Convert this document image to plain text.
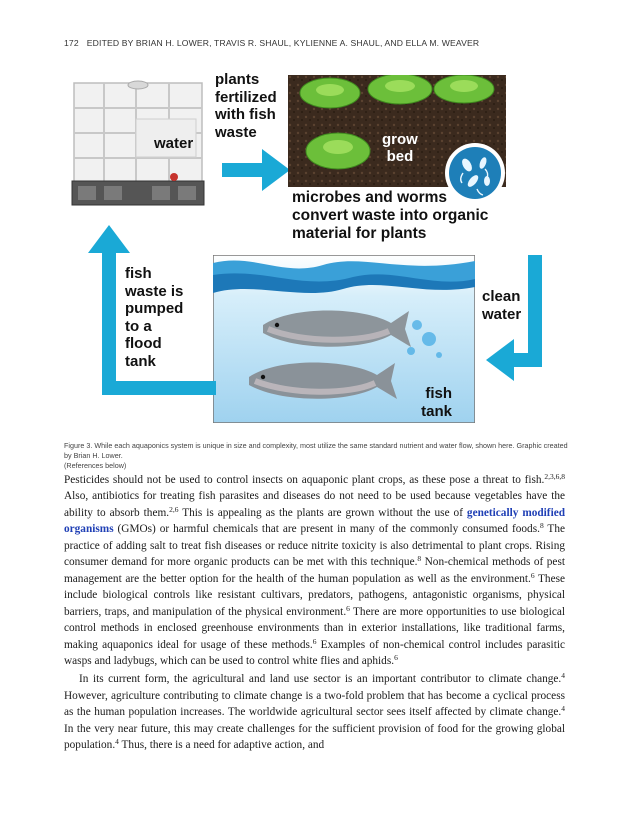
172 EDITED BY BRIAN H. LOWER, TRAVIS R. SHAUL, KYLIENNE A. SHAUL, AND ELLA M. WEAVER
water
plants
fertilized
with fish
waste	grow
bed
microbes and worms
convert waste into organic
material for plants
clean
water
fish
tank
fish
waste is
pumped
to a
flood
tank
Figure 3. While each aquaponics system is unique in size and complexity, most utilize the same standard nutrient and water flow, shown here. Graphic created by Brian H. Lower.
(References below)

Pesticides should not be used to control insects on aquaponic plant crops, as these pose a threat to fish.$^{2,3,6,8}$ Also, antibiotics for treating fish parasites and diseases do not need to be used because vegetables have the ability to absorb them.$^{2,6}$ This is appealing as the plants are grown without the use of genetically modified organisms (GMOs) or harmful chemicals that are present in many of the commonly consumed foods.$^8$ The practice of adding salt to treat fish diseases or reduce nitrite toxicity is also detrimental to plant crops. Rising consumer demand for more organic products can be met with this technique.$^8$ Non-chemical methods of pest management are the better option for the health of the human population as well as the environment.$^6$ These include biological controls like resistant cultivars, predators, pathogens, antagonistic organisms, physical barriers, traps, and manipulation of the physical environment.$^6$ There are more opportunities to use biological control methods in enclosed greenhouse environments than in exterior installations, like traditional farms, making aquaponics ideal for usage of these methods.$^6$ Examples of non-chemical control includes parasitic wasps and ladybugs, which can be used to control white flies and aphids.$^6$

In its current form, the agricultural and land use sector is an important contributor to climate change.$^4$ However, agriculture contributing to climate change is a two-fold problem that has become a cyclical process as the human population increases. The worldwide agricultural sector sees itself affected by climate change.$^4$ In the very near future, this may create challenges for the sufficient provision of food for the growing global population.$^4$ Thus, there is a need for adaptive action, and
